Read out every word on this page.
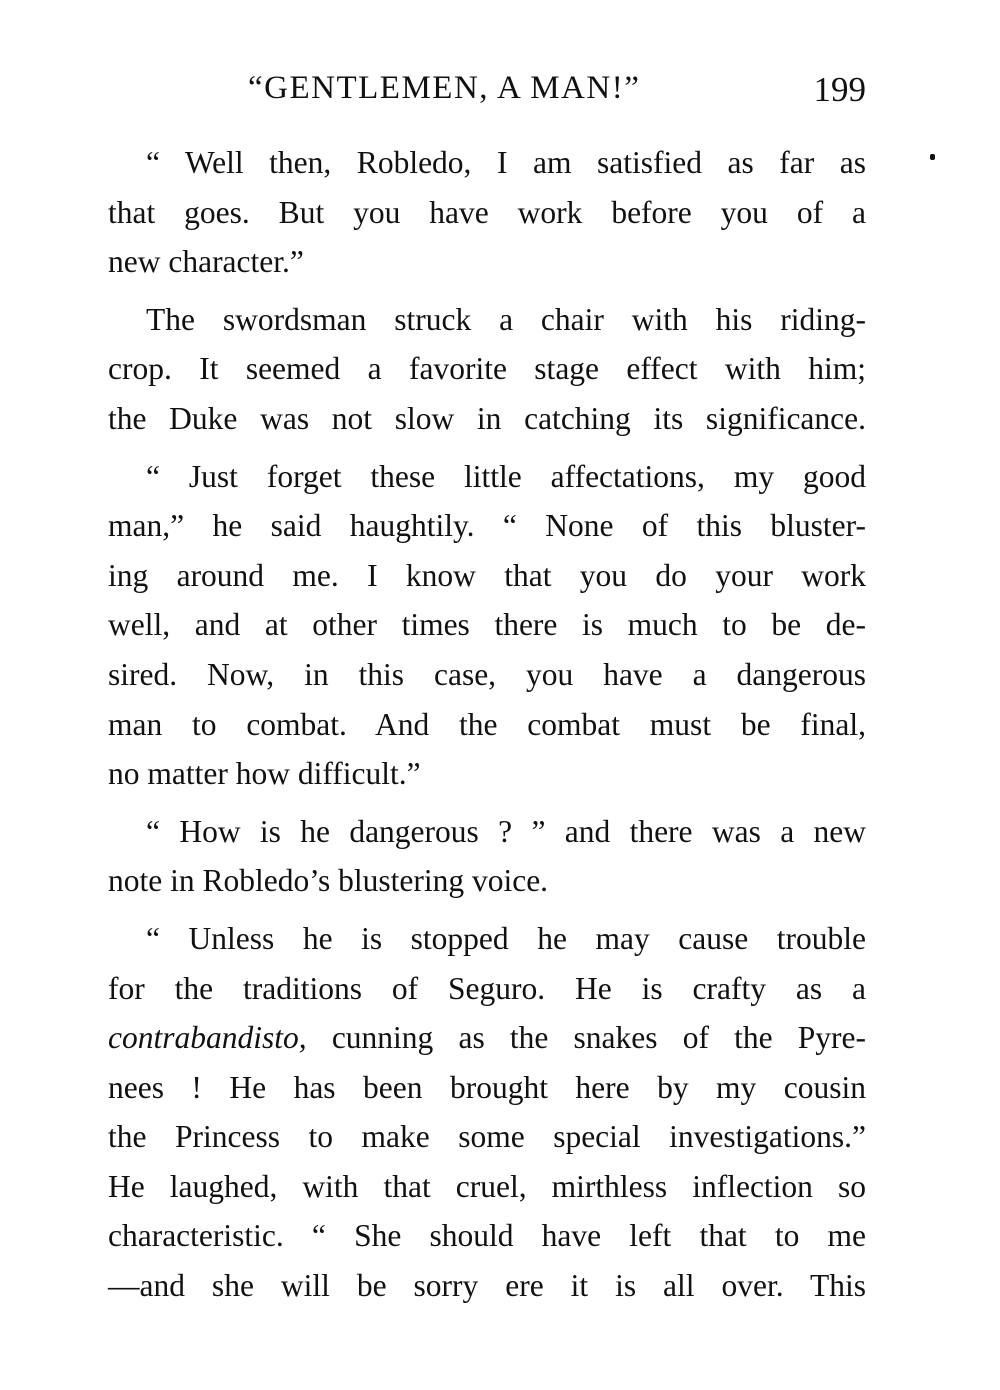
“GENTLEMEN, A MAN!”	199

“ Well then, Robledo, I am satisfied as far as
that goes. But you have work before you of a
new character.”

The swordsman struck a chair with his riding-
crop. It seemed a favorite stage effect with him;
the Duke was not slow in catching its significance.

“ Just forget these little affectations, my good
man,” he said haughtily. “ None of this bluster-
ing around me. I know that you do your work
well, and at other times there is much to be de-
sired. Now, in this case, you have a dangerous
man to combat. And the combat must be final,
no matter how difficult.”

“ How is he dangerous ? ” and there was a new
note in Robledo’s blustering voice.

“ Unless he is stopped he may cause trouble
for the traditions of Seguro. He is crafty as a
contrabandisto, cunning as the snakes of the Pyre-
nees ! He has been brought here by my cousin
the Princess to make some special investigations.”
He laughed, with that cruel, mirthless inflection so
characteristic. “ She should have left that to me
—and she will be sorry ere it is all over. This
